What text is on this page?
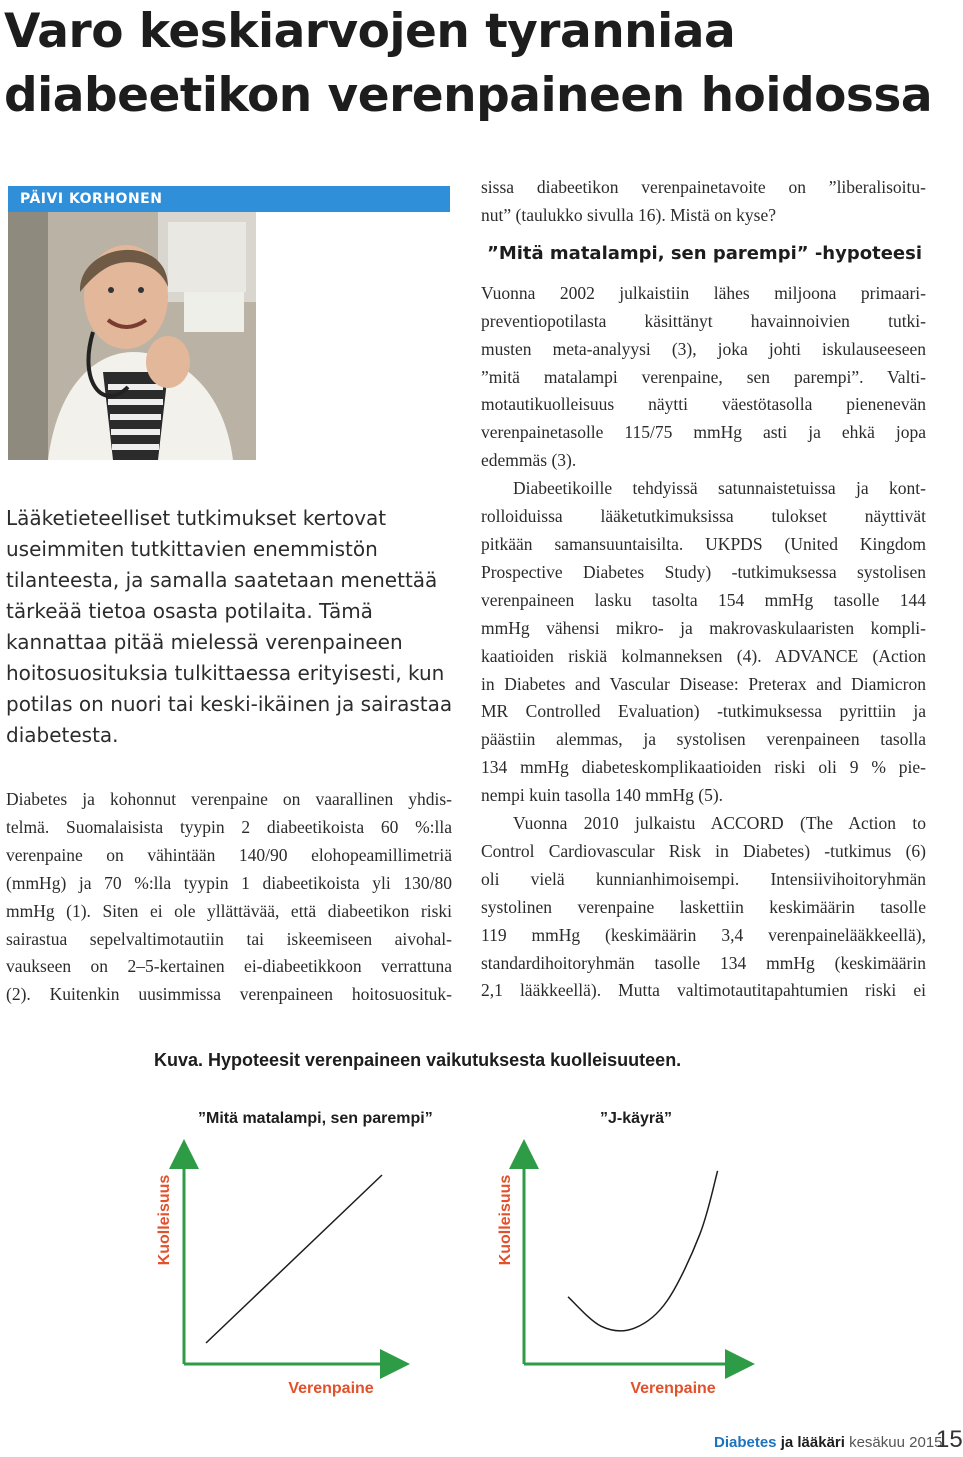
Varo keskiarvojen tyranniaa
diabeetikon verenpaineen hoidossa
PÄIVI KORHONEN
Lääketieteelliset tutkimukset kertovat
useimmiten tutkittavien enemmistön
tilanteesta, ja samalla saatetaan menettää
tärkeää tietoa osasta potilaita. Tämä
kannattaa pitää mielessä verenpaineen
hoitosuosituksia tulkittaessa erityisesti, kun
potilas on nuori tai keski-ikäinen ja sairastaa
diabetesta.
Diabetes ja kohonnut verenpaine on vaarallinen yhdis-
telmä. Suomalaisista tyypin 2 diabeetikoista 60 %:lla
verenpaine on vähintään 140/90 elohopeamillimetriä
(mmHg) ja 70 %:lla tyypin 1 diabeetikoista yli 130/80
mmHg (1). Siten ei ole yllättävää, että diabeetikon riski
sairastua sepelvaltimotautiin tai iskeemiseen aivohal-
vaukseen on 2–5-kertainen ei-diabeetikkoon verrattuna
(2). Kuitenkin uusimmissa verenpaineen hoitosuosituk-
sissa diabeetikon verenpainetavoite on ”liberalisoitu-
nut” (taulukko sivulla 16). Mistä on kyse?
”Mitä matalampi, sen parempi” -hypoteesi
Vuonna 2002 julkaistiin lähes miljoona primaari-
preventiopotilasta käsittänyt havainnoivien tutki-
musten meta-analyysi (3), joka johti iskulauseeseen
”mitä matalampi verenpaine, sen parempi”. Valti-
motautikuolleisuus näytti väestötasolla pienenevän
verenpainetasolle 115/75 mmHg asti ja ehkä jopa
edemmäs (3).
Diabeetikoille tehdyissä satunnaistetuissa ja kont-
rolloiduissa lääketutkimuksissa tulokset näyttivät
pitkään samansuuntaisilta. UKPDS (United Kingdom
Prospective Diabetes Study) -tutkimuksessa systolisen
verenpaineen lasku tasolta 154 mmHg tasolle 144
mmHg vähensi mikro- ja makrovaskulaaristen kompli-
kaatioiden riskiä kolmanneksen (4). ADVANCE (Action
in Diabetes and Vascular Disease: Preterax and Diamicron
MR Controlled Evaluation) -tutkimuksessa pyrittiin ja
päästiin alemmas, ja systolisen verenpaineen tasolla
134 mmHg diabeteskomplikaatioiden riski oli 9 % pie-
nempi kuin tasolla 140 mmHg (5).
Vuonna 2010 julkaistu ACCORD (The Action to
Control Cardiovascular Risk in Diabetes) -tutkimus (6)
oli vielä kunnianhimoisempi. Intensiivihoitoryhmän
systolinen verenpaine laskettiin keskimäärin tasolle
119 mmHg (keskimäärin 3,4 verenpainelääkkeellä),
standardihoitoryhmän tasolle 134 mmHg (keskimäärin
2,1 lääkkeellä). Mutta valtimotautitapahtumien riski ei
Kuva. Hypoteesit verenpaineen vaikutuksesta kuolleisuuteen.
”Mitä matalampi, sen parempi”	”J-käyrä”
Kuolleisuus
Verenpaine
Kuolleisuus
Verenpaine
Diabetes ja lääkäri kesäkuu 2015
15
